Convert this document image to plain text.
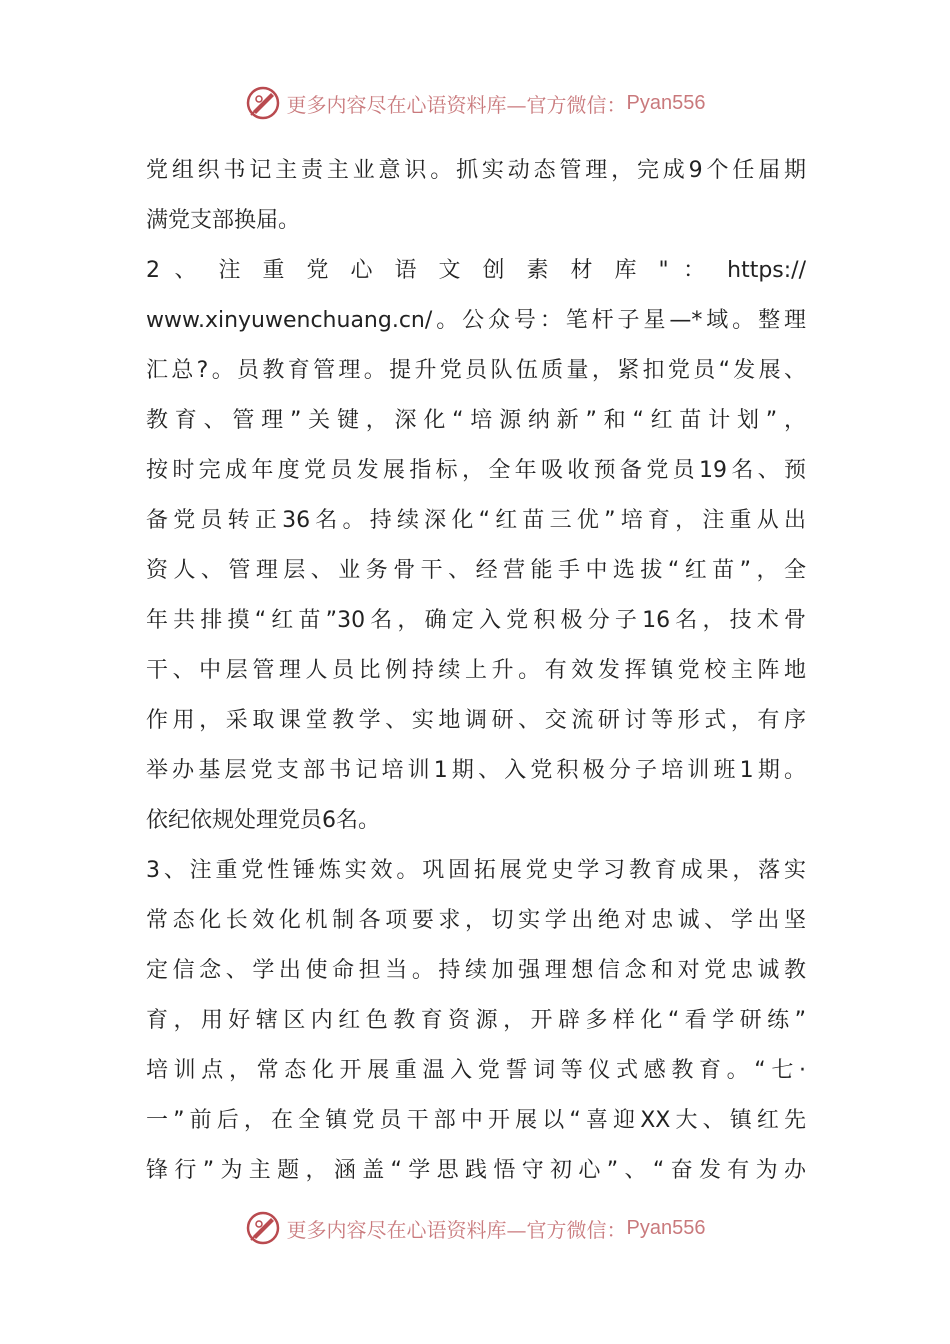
更多内容尽在心语资料库—官方微信： Pyan556
党组织书记主责主业意识。抓实动态管理，完成9个任届期
满党支部换届。
2 、 注 重 党 心 语 文 创 素 材 库 " ： https://
www.xinyuwenchuang.cn/。公众号：笔杆子星—*域。整理
汇总?。员教育管理。提升党员队伍质量，紧扣党员“发展、
教育、管理”关键，深化“培源纳新”和“红苗计划”，
按时完成年度党员发展指标，全年吸收预备党员19名、预
备党员转正36名。持续深化“红苗三优”培育，注重从出
资人、管理层、业务骨干、经营能手中选拔“红苗”，全
年共排摸“红苗”30名，确定入党积极分子16名，技术骨
干、中层管理人员比例持续上升。有效发挥镇党校主阵地
作用，采取课堂教学、实地调研、交流研讨等形式，有序
举办基层党支部书记培训1期、入党积极分子培训班1期。
依纪依规处理党员6名。
3、注重党性锤炼实效。巩固拓展党史学习教育成果，落实
常态化长效化机制各项要求，切实学出绝对忠诚、学出坚
定信念、学出使命担当。持续加强理想信念和对党忠诚教
育，用好辖区内红色教育资源，开辟多样化“看学研练”
培训点，常态化开展重温入党誓词等仪式感教育。“七·
一”前后，在全镇党员干部中开展以“喜迎XX大、镇红先
锋行”为主题，涵盖“学思践悟守初心”、“奋发有为办
更多内容尽在心语资料库—官方微信： Pyan556
